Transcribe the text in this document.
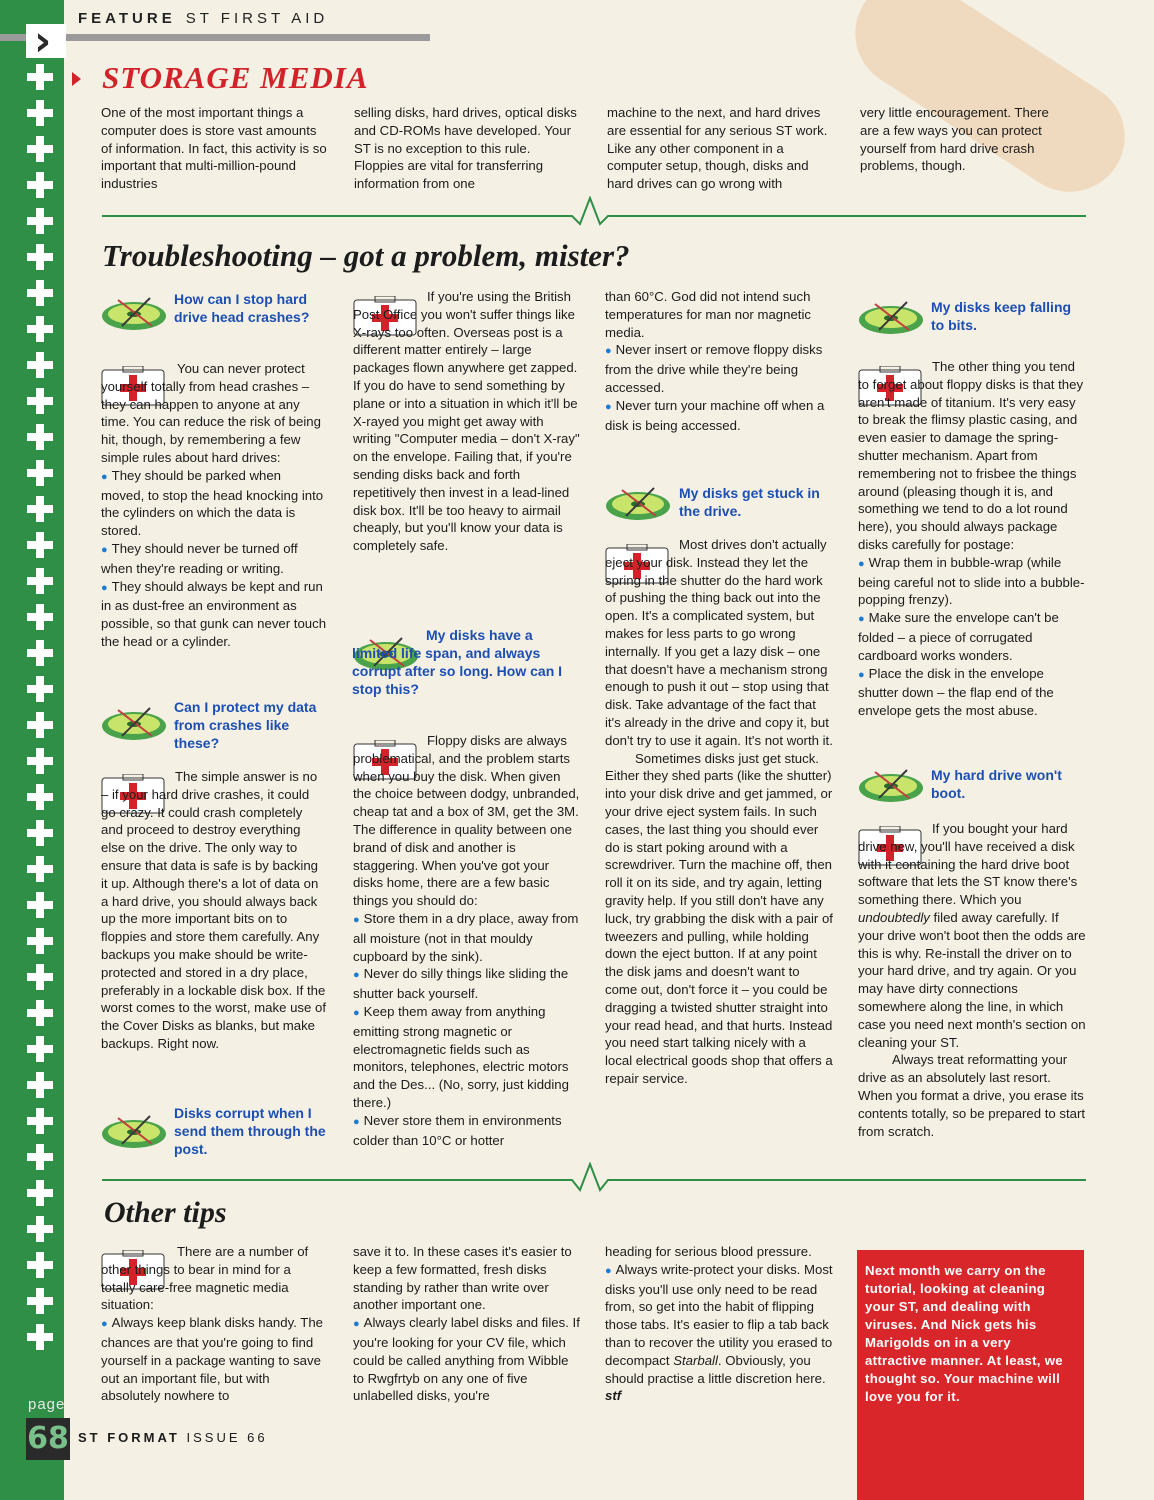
page
›
68
FEATURE ST FIRST AID
STORAGE MEDIA

One of the most important things a computer does is store vast amounts of information. In fact, this activity is so important that multi-million-pound industries

selling disks, hard drives, optical disks and CD-ROMs have developed. Your ST is no exception to this rule. Floppies are vital for transferring information from one

machine to the next, and hard drives are essential for any serious ST work. Like any other component in a computer setup, though, disks and hard drives can go wrong with

very little encouragement. There are a few ways you can protect yourself from hard drive crash problems, though.

Troubleshooting – got a problem, mister?
How can I stop hard drive head crashes?

You can never protect yourself totally from head crashes – they can happen to anyone at any time. You can reduce the risk of being hit, though, by remembering a few simple rules about hard drives:

● They should be parked when moved, to stop the head knocking into the cylinders on which the data is stored.

● They should never be turned off when they're reading or writing.

● They should always be kept and run in as dust-free an environment as possible, so that gunk can never touch the head or a cylinder.

Can I protect my data from crashes like these?

The simple answer is no – if your hard drive crashes, it could go crazy. It could crash completely and proceed to destroy everything else on the drive. The only way to ensure that data is safe is by backing it up. Although there's a lot of data on a hard drive, you should always back up the more important bits on to floppies and store them carefully. Any backups you make should be write-protected and stored in a dry place, preferably in a lockable disk box. If the worst comes to the worst, make use of the Cover Disks as blanks, but make backups. Right now.

Disks corrupt when I send them through the post.

If you're using the British Post Office you won't suffer things like X-rays too often. Overseas post is a different matter entirely – large packages flown anywhere get zapped. If you do have to send something by plane or into a situation in which it'll be X-rayed you might get away with writing "Computer media – don't X-ray" on the envelope. Failing that, if you're sending disks back and forth repetitively then invest in a lead-lined disk box. It'll be too heavy to airmail cheaply, but you'll know your data is completely safe.

My disks have a limited life span, and always corrupt after so long. How can I stop this?

Floppy disks are always problematical, and the problem starts when you buy the disk. When given the choice between dodgy, unbranded, cheap tat and a box of 3M, get the 3M. The difference in quality between one brand of disk and another is staggering. When you've got your disks home, there are a few basic things you should do:

● Store them in a dry place, away from all moisture (not in that mouldy cupboard by the sink).

● Never do silly things like sliding the shutter back yourself.

● Keep them away from anything emitting strong magnetic or electromagnetic fields such as monitors, telephones, electric motors and the Des... (No, sorry, just kidding there.)

● Never store them in environments colder than 10°C or hotter

than 60°C. God did not intend such temperatures for man nor magnetic media.

● Never insert or remove floppy disks from the drive while they're being accessed.

● Never turn your machine off when a disk is being accessed.

My disks get stuck in the drive.

Most drives don't actually eject your disk. Instead they let the spring in the shutter do the hard work of pushing the thing back out into the open. It's a complicated system, but makes for less parts to go wrong internally. If you get a lazy disk – one that doesn't have a mechanism strong enough to push it out – stop using that disk. Take advantage of the fact that it's already in the drive and copy it, but don't try to use it again. It's not worth it.

Sometimes disks just get stuck. Either they shed parts (like the shutter) into your disk drive and get jammed, or your drive eject system fails. In such cases, the last thing you should ever do is start poking around with a screwdriver. Turn the machine off, then roll it on its side, and try again, letting gravity help. If you still don't have any luck, try grabbing the disk with a pair of tweezers and pulling, while holding down the eject button. If at any point the disk jams and doesn't want to come out, don't force it – you could be dragging a twisted shutter straight into your read head, and that hurts. Instead you need start talking nicely with a local electrical goods shop that offers a repair service.

My disks keep falling to bits.

The other thing you tend to forget about floppy disks is that they aren't made of titanium. It's very easy to break the flimsy plastic casing, and even easier to damage the spring-shutter mechanism. Apart from remembering not to frisbee the things around (pleasing though it is, and something we tend to do a lot round here), you should always package disks carefully for postage:

● Wrap them in bubble-wrap (while being careful not to slide into a bubble-popping frenzy).

● Make sure the envelope can't be folded – a piece of corrugated cardboard works wonders.

● Place the disk in the envelope shutter down – the flap end of the envelope gets the most abuse.

My hard drive won't boot.

If you bought your hard drive new, you'll have received a disk with it containing the hard drive boot software that lets the ST know there's something there. Which you undoubtedly filed away carefully. If your drive won't boot then the odds are this is why. Re-install the driver on to your hard drive, and try again. Or you may have dirty connections somewhere along the line, in which case you need next month's section on cleaning your ST.

Always treat reformatting your drive as an absolutely last resort. When you format a drive, you erase its contents totally, so be prepared to start from scratch.

Other tips

There are a number of other things to bear in mind for a totally care-free magnetic media situation:

● Always keep blank disks handy. The chances are that you're going to find yourself in a package wanting to save out an important file, but with absolutely nowhere to

save it to. In these cases it's easier to keep a few formatted, fresh disks standing by rather than write over another important one.

● Always clearly label disks and files. If you're looking for your CV file, which could be called anything from Wibble to Rwgfrtyb on any one of five unlabelled disks, you're

heading for serious blood pressure.

● Always write-protect your disks. Most disks you'll use only need to be read from, so get into the habit of flipping those tabs. It's easier to flip a tab back than to recover the utility you erased to decompact Starball. Obviously, you should practise a little discretion here. stf

Next month we carry on the tutorial, looking at cleaning your ST, and dealing with viruses. And Nick gets his Marigolds on in a very attractive manner. At least, we thought so. Your machine will love you for it.

ST FORMAT ISSUE 66
